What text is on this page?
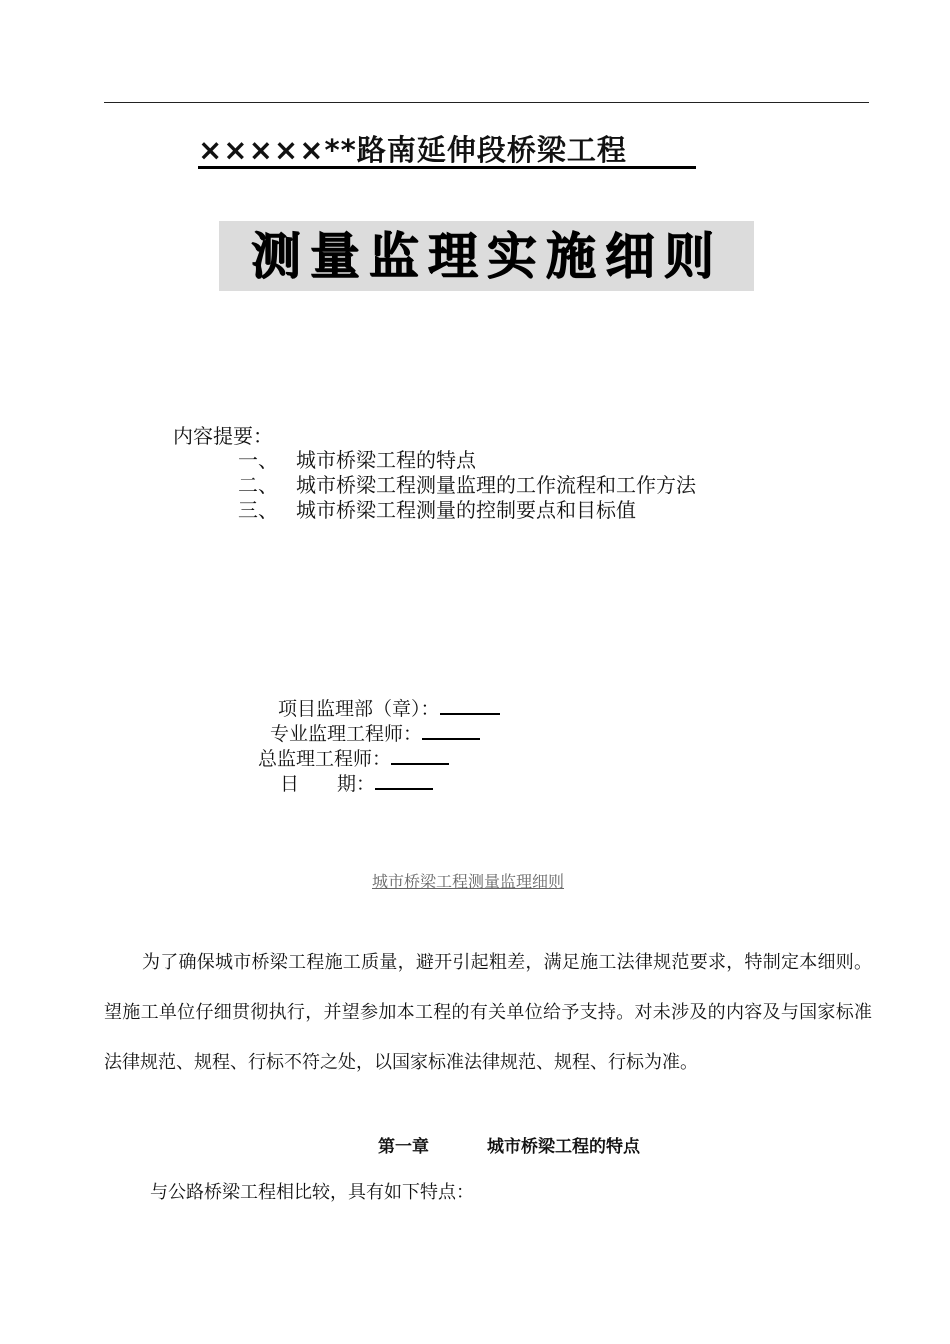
×××××**路南延伸段桥梁工程
测量监理实施细则
内容提要：
一、 城市桥梁工程的特点
二、 城市桥梁工程测量监理的工作流程和工作方法
三、 城市桥梁工程测量的控制要点和目标值
项目监理部（章）：
专业监理工程师：
总监理工程师：
日　　期：
城市桥梁工程测量监理细则
为了确保城市桥梁工程施工质量，避开引起粗差，满足施工法律规范要求，特制定本细则。望施工单位仔细贯彻执行，并望参加本工程的有关单位给予支持。对未涉及的内容及与国家标准法律规范、规程、行标不符之处，以国家标准法律规范、规程、行标为准。
第一章	城市桥梁工程的特点
与公路桥梁工程相比较，具有如下特点：
